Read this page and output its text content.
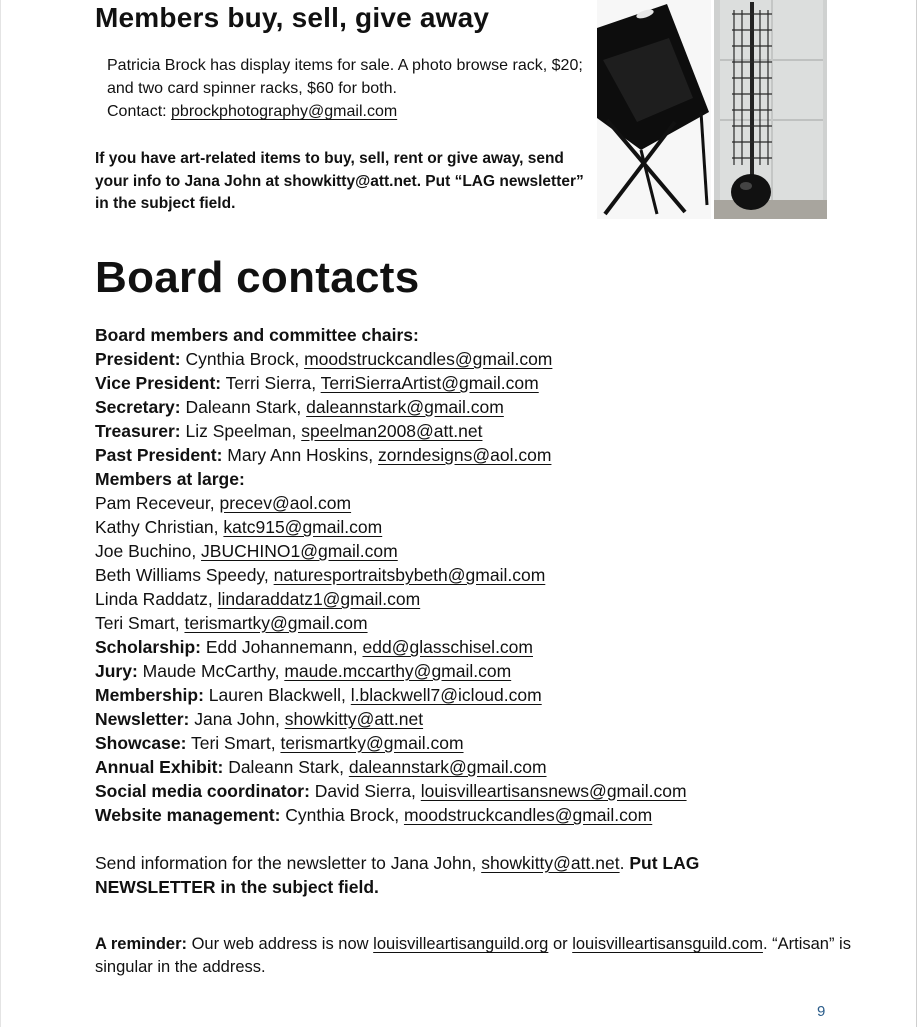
Members buy, sell, give away

Patricia Brock has display items for sale. A photo browse rack, $20; and two card spinner racks, $60 for both.

Contact: pbrockphotography@gmail.com

If you have art-related items to buy, sell, rent or give away, send your info to Jana John at showkitty@att.net. Put “LAG newsletter” in the subject field.
Board contacts
Board members and committee chairs:
President: Cynthia Brock, moodstruckcandles@gmail.com
Vice President: Terri Sierra, TerriSierraArtist@gmail.com
Secretary: Daleann Stark, daleannstark@gmail.com
Treasurer: Liz Speelman, speelman2008@att.net
Past President: Mary Ann Hoskins, zorndesigns@aol.com
Members at large:
Pam Receveur, precev@aol.com
Kathy Christian, katc915@gmail.com
Joe Buchino, JBUCHINO1@gmail.com
Beth Williams Speedy, naturesportraitsbybeth@gmail.com
Linda Raddatz, lindaraddatz1@gmail.com
Teri Smart, terismartky@gmail.com
Scholarship: Edd Johannemann, edd@glasschisel.com
Jury: Maude McCarthy, maude.mccarthy@gmail.com
Membership: Lauren Blackwell, l.blackwell7@icloud.com
Newsletter: Jana John, showkitty@att.net
Showcase: Teri Smart, terismartky@gmail.com
Annual Exhibit: Daleann Stark, daleannstark@gmail.com
Social media coordinator: David Sierra, louisvilleartisansnews@gmail.com
Website management: Cynthia Brock, moodstruckcandles@gmail.com
Send information for the newsletter to Jana John, showkitty@att.net. Put LAG NEWSLETTER in the subject field.
A reminder: Our web address is now louisvilleartisanguild.org or louisvilleartisansguild.com. “Artisan” is singular in the address.
9
